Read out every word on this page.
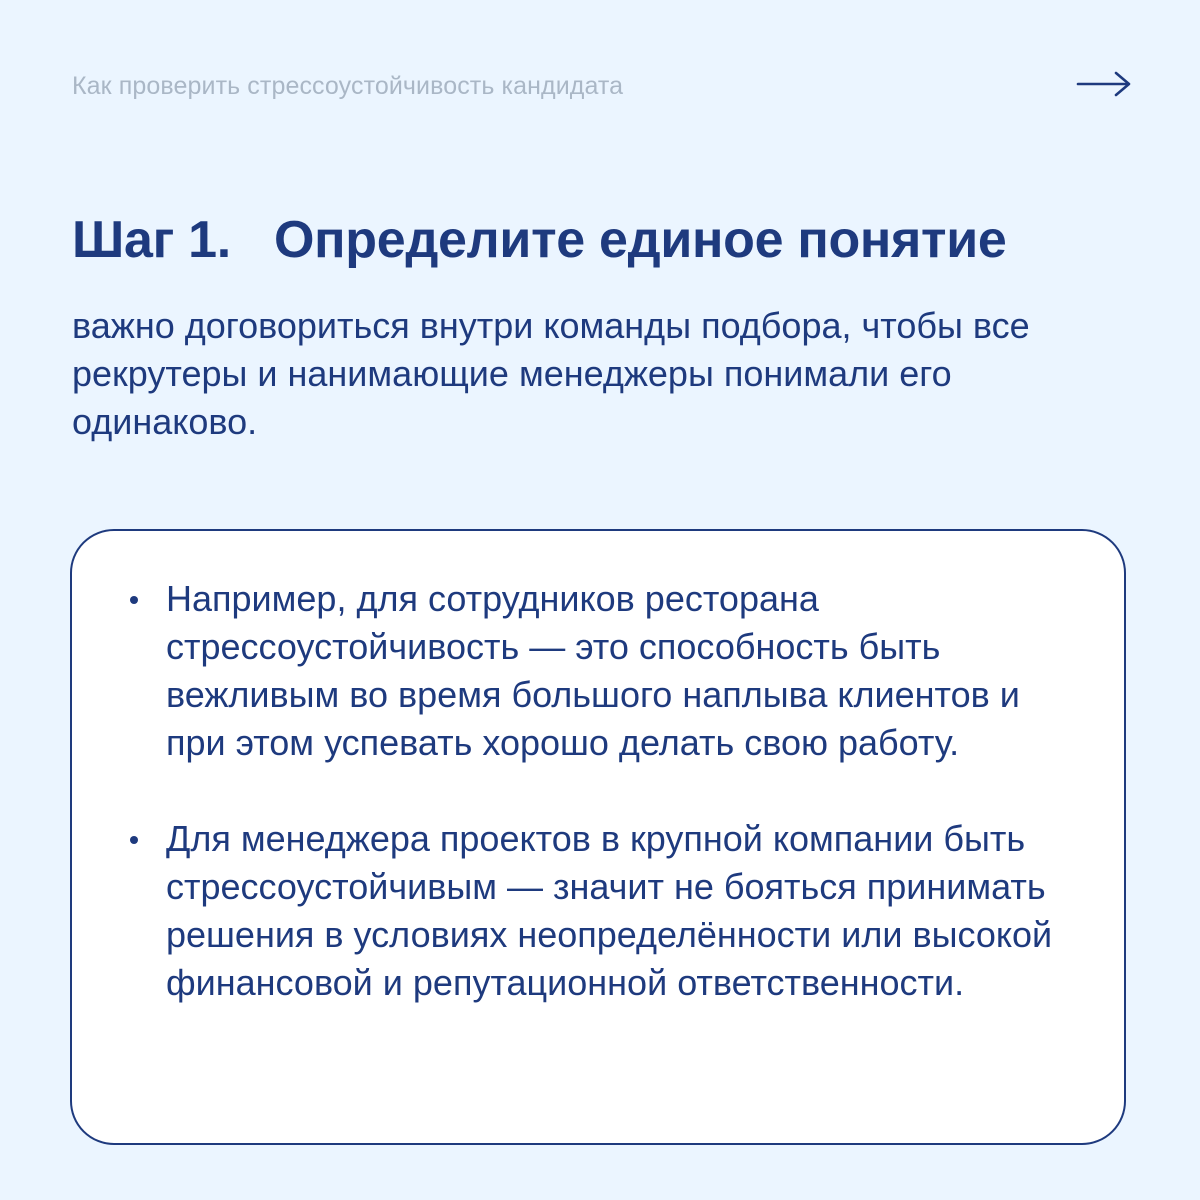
Как проверить стрессоустойчивость кандидата
Шаг 1. Определите единое понятие

важно договориться внутри команды подбора, чтобы все рекрутеры и нанимающие менеджеры понимали его одинаково.

Например, для сотрудников ресторана стрессоустойчивость — это способность быть вежливым во время большого наплыва клиентов и при этом успевать хорошо делать свою работу.
Для менеджера проектов в крупной компании быть стрессоустойчивым — значит не бояться принимать решения в условиях неопределённости или высокой финансовой и репутационной ответственности.
